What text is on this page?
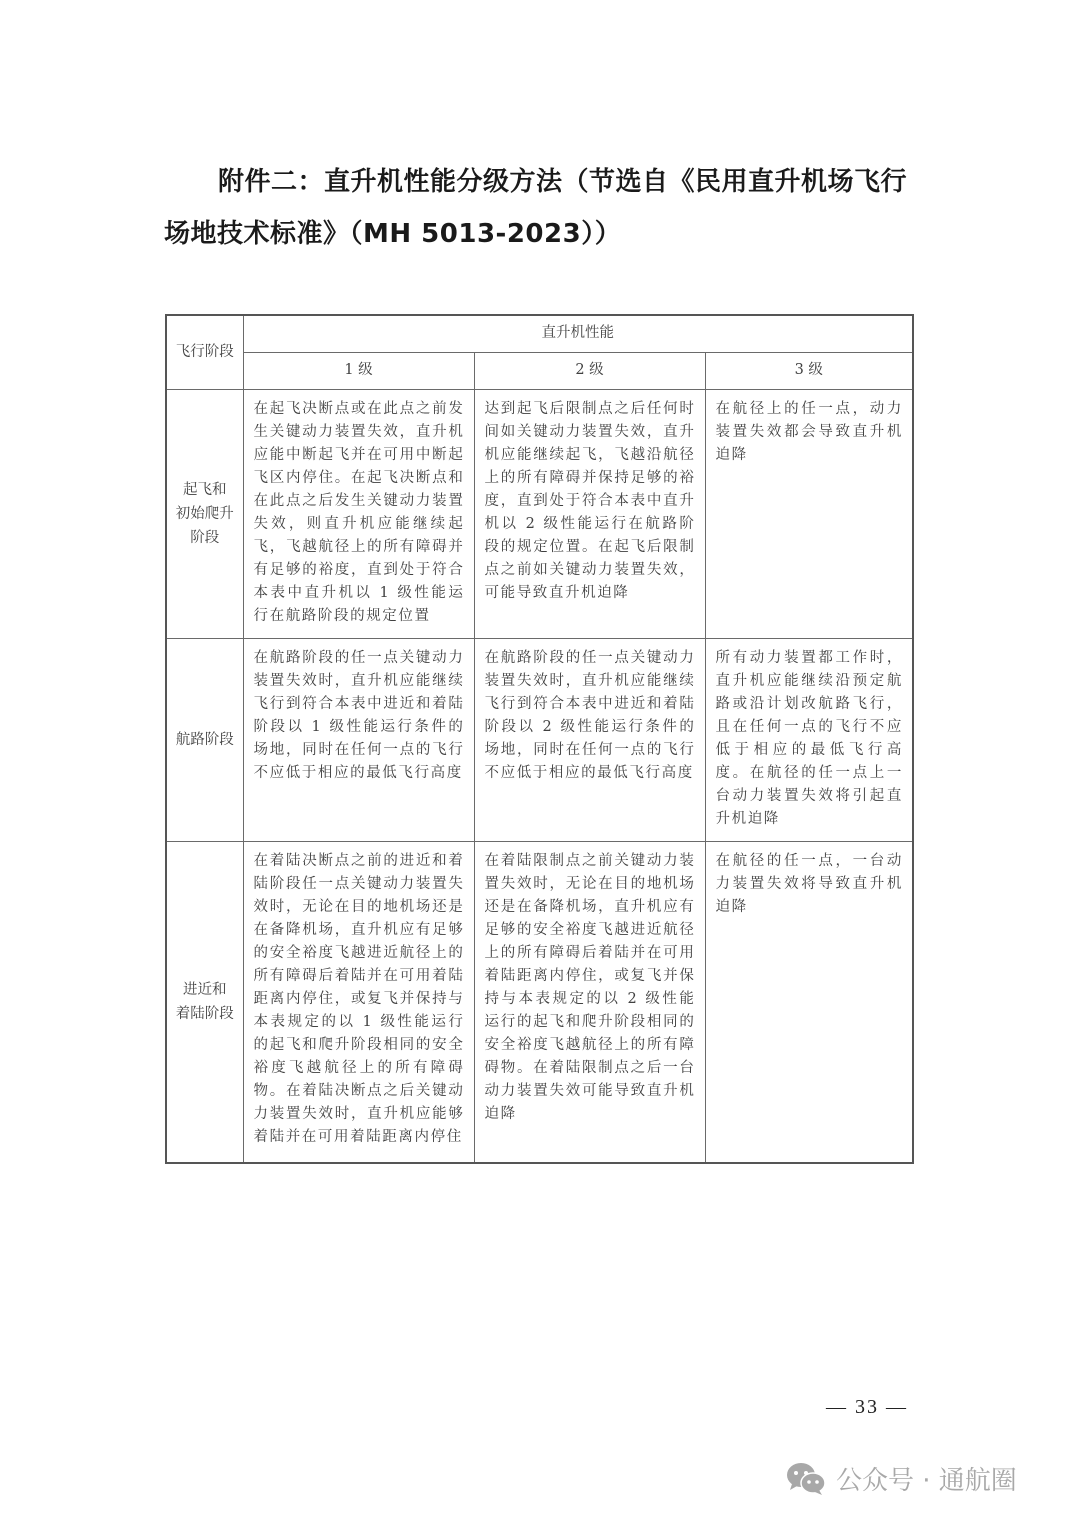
附件二：直升机性能分级方法（节选自《民用直升机场飞行
场地技术标准》（MH 5013-2023））
飞行阶段	直升机性能		
	1 级	2 级	3 级

起飞和
初始爬升
阶段	在起飞决断点或在此点之前发生关键动力装置失效，直升机应能中断起飞并在可用中断起飞区内停住。在起飞决断点和在此点之后发生关键动力装置失效，则直升机应能继续起飞，飞越航径上的所有障碍并有足够的裕度，直到处于符合本表中直升机以 1 级性能运行在航路阶段的规定位置	达到起飞后限制点之后任何时间如关键动力装置失效，直升机应能继续起飞，飞越沿航径上的所有障碍并保持足够的裕度，直到处于符合本表中直升机以 2 级性能运行在航路阶段的规定位置。在起飞后限制点之前如关键动力装置失效，可能导致直升机迫降	在航径上的任一点，动力装置失效都会导致直升机迫降

航路阶段	在航路阶段的任一点关键动力装置失效时，直升机应能继续飞行到符合本表中进近和着陆阶段以 1 级性能运行条件的场地，同时在任何一点的飞行不应低于相应的最低飞行高度	在航路阶段的任一点关键动力装置失效时，直升机应能继续飞行到符合本表中进近和着陆阶段以 2 级性能运行条件的场地，同时在任何一点的飞行不应低于相应的最低飞行高度	所有动力装置都工作时，直升机应能继续沿预定航路或沿计划改航路飞行，且在任何一点的飞行不应低于相应的最低飞行高度。在航径的任一点上一台动力装置失效将引起直升机迫降

进近和
着陆阶段	在着陆决断点之前的进近和着陆阶段任一点关键动力装置失效时，无论在目的地机场还是在备降机场，直升机应有足够的安全裕度飞越进近航径上的所有障碍后着陆并在可用着陆距离内停住，或复飞并保持与本表规定的以 1 级性能运行的起飞和爬升阶段相同的安全裕度飞越航径上的所有障碍物。在着陆决断点之后关键动力装置失效时，直升机应能够着陆并在可用着陆距离内停住	在着陆限制点之前关键动力装置失效时，无论在目的地机场还是在备降机场，直升机应有足够的安全裕度飞越进近航径上的所有障碍后着陆并在可用着陆距离内停住，或复飞并保持与本表规定的以 2 级性能运行的起飞和爬升阶段相同的安全裕度飞越航径上的所有障碍物。在着陆限制点之后一台动力装置失效可能导致直升机迫降	在航径的任一点，一台动力装置失效将导致直升机迫降
— 33 —
公众号 · 通航圈
